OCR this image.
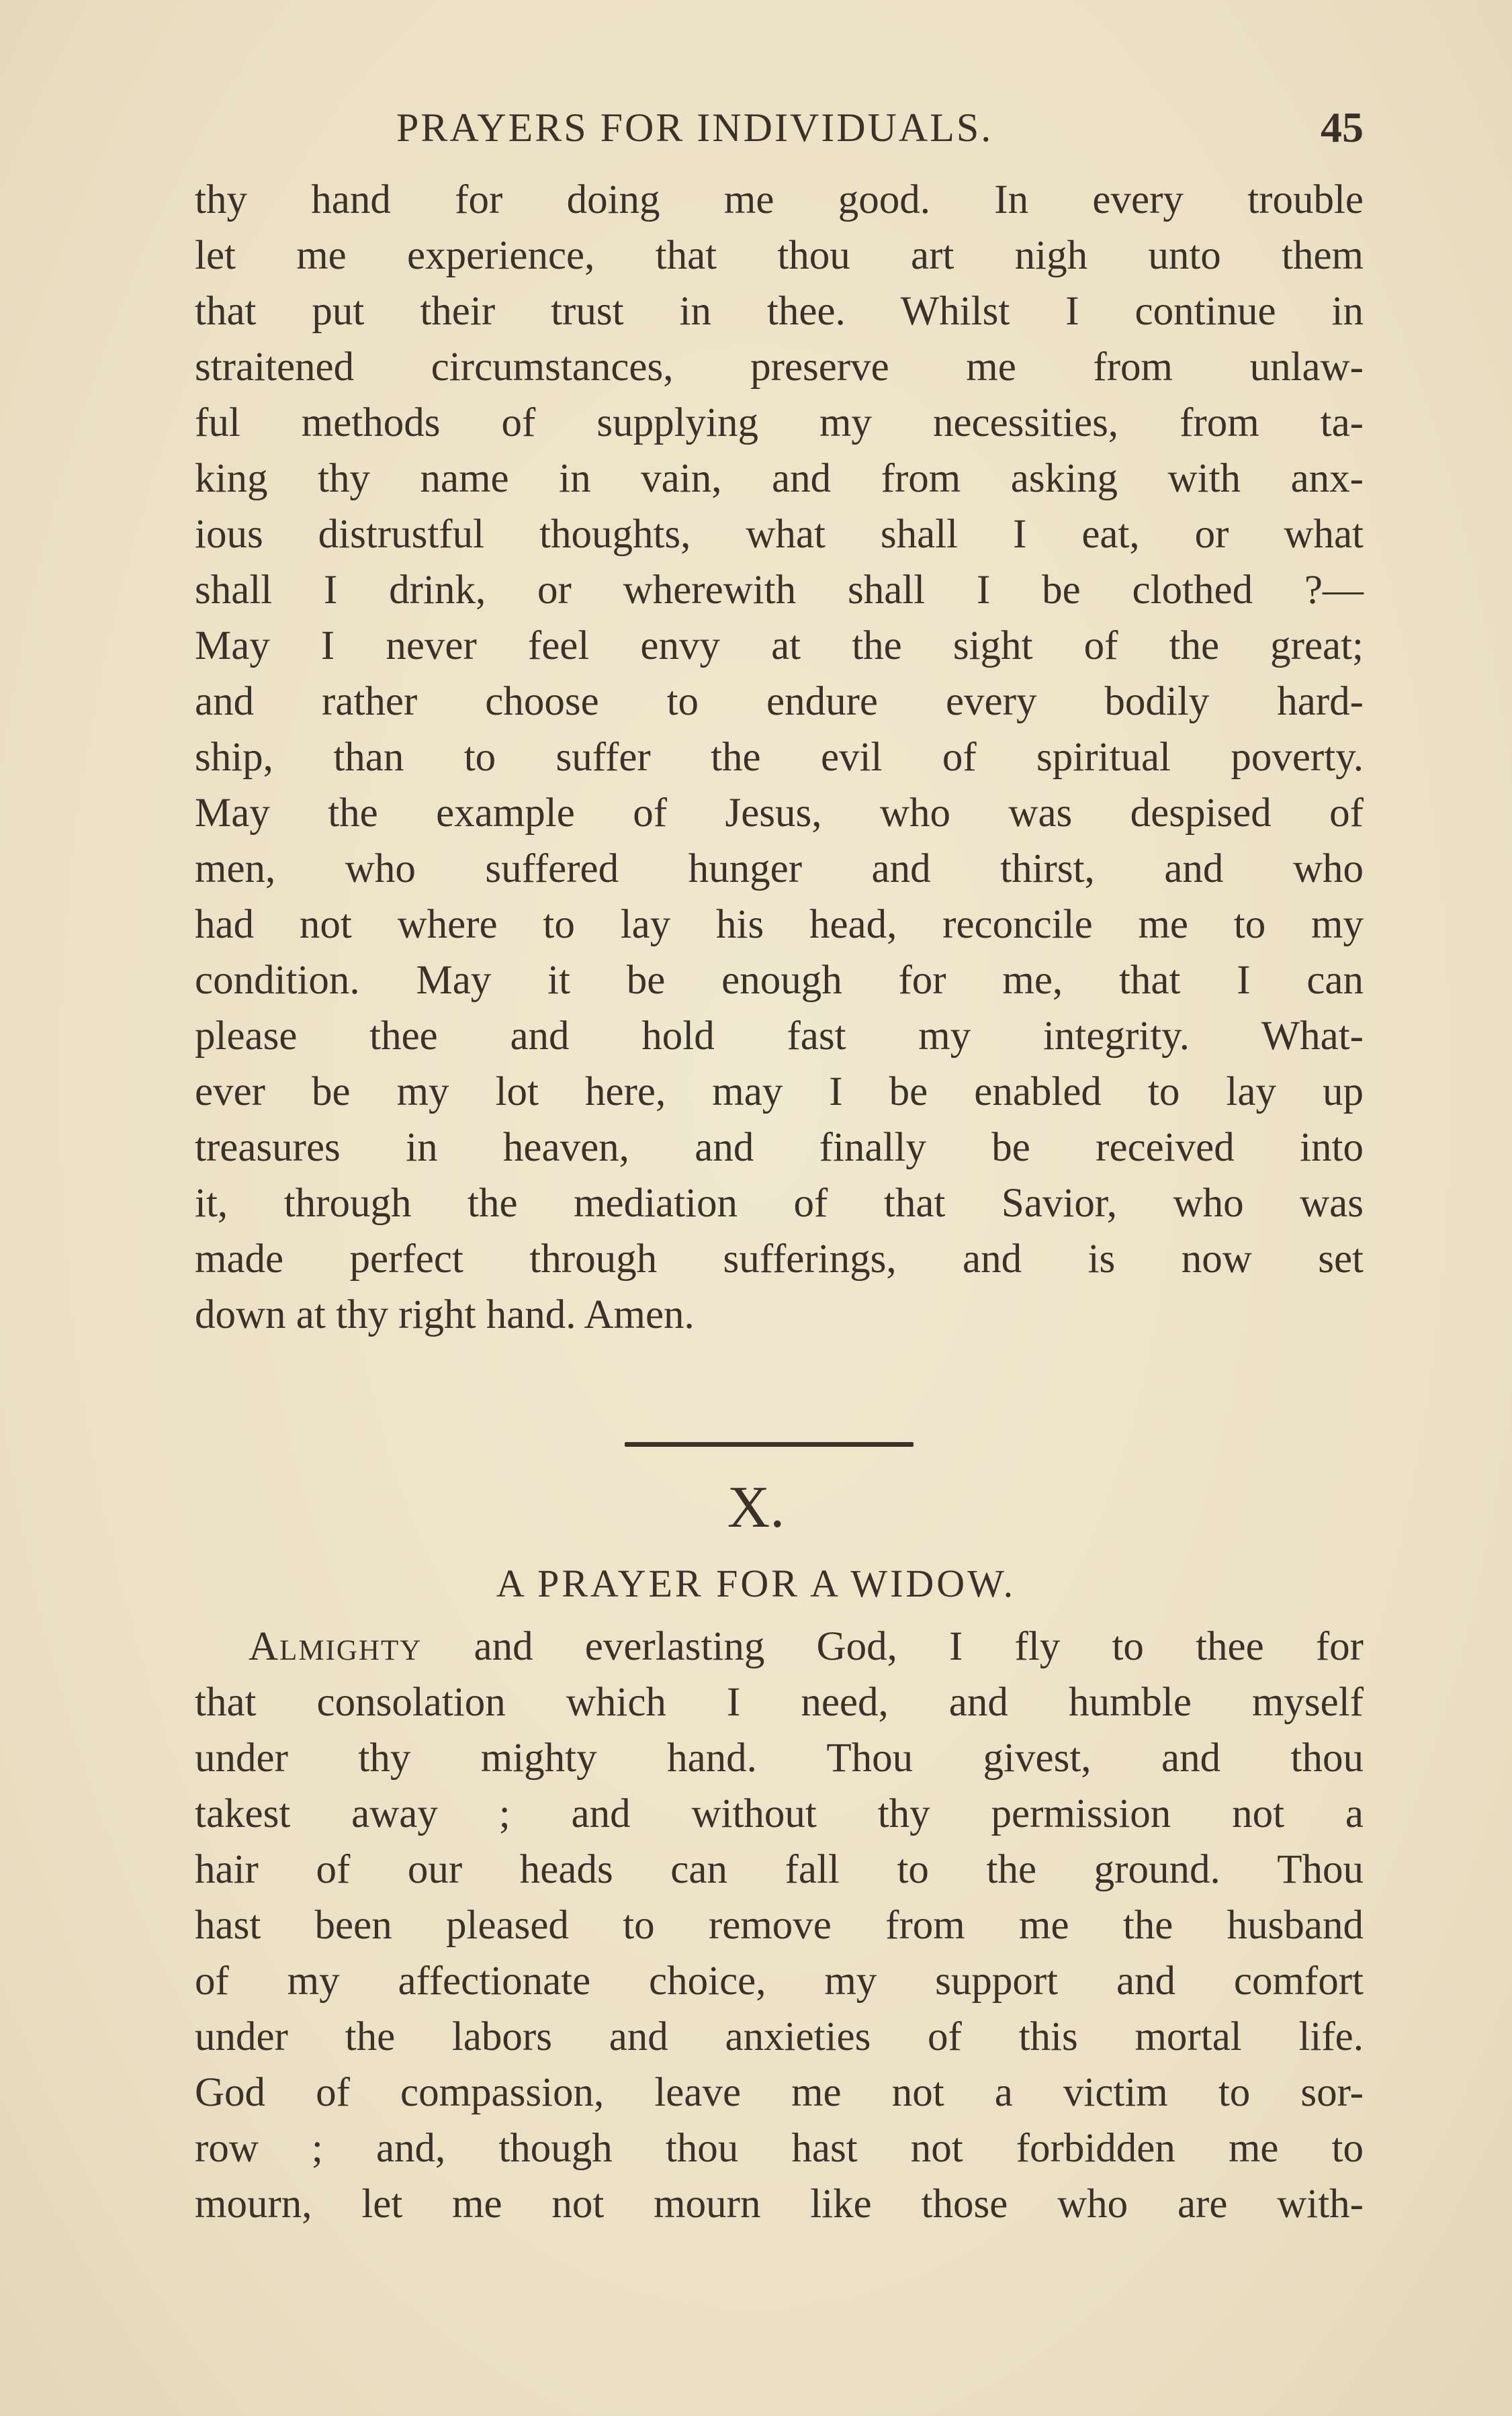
PRAYERS FOR INDIVIDUALS.	45
thy hand for doing me good. In every trouble
let me experience, that thou art nigh unto them
that put their trust in thee. Whilst I continue in
straitened circumstances, preserve me from unlaw-
ful methods of supplying my necessities, from ta-
king thy name in vain, and from asking with anx-
ious distrustful thoughts, what shall I eat, or what
shall I drink, or wherewith shall I be clothed ?—
May I never feel envy at the sight of the great;
and rather choose to endure every bodily hard-
ship, than to suffer the evil of spiritual poverty.
May the example of Jesus, who was despised of
men, who suffered hunger and thirst, and who
had not where to lay his head, reconcile me to my
condition. May it be enough for me, that I can
please thee and hold fast my integrity. What-
ever be my lot here, may I be enabled to lay up
treasures in heaven, and finally be received into
it, through the mediation of that Savior, who was
made perfect through sufferings, and is now set
down at thy right hand. Amen.
X.
A PRAYER FOR A WIDOW.
Almighty and everlasting God, I fly to thee for
that consolation which I need, and humble myself
under thy mighty hand. Thou givest, and thou
takest away ; and without thy permission not a
hair of our heads can fall to the ground. Thou
hast been pleased to remove from me the husband
of my affectionate choice, my support and comfort
under the labors and anxieties of this mortal life.
God of compassion, leave me not a victim to sor-
row ; and, though thou hast not forbidden me to
mourn, let me not mourn like those who are with-
